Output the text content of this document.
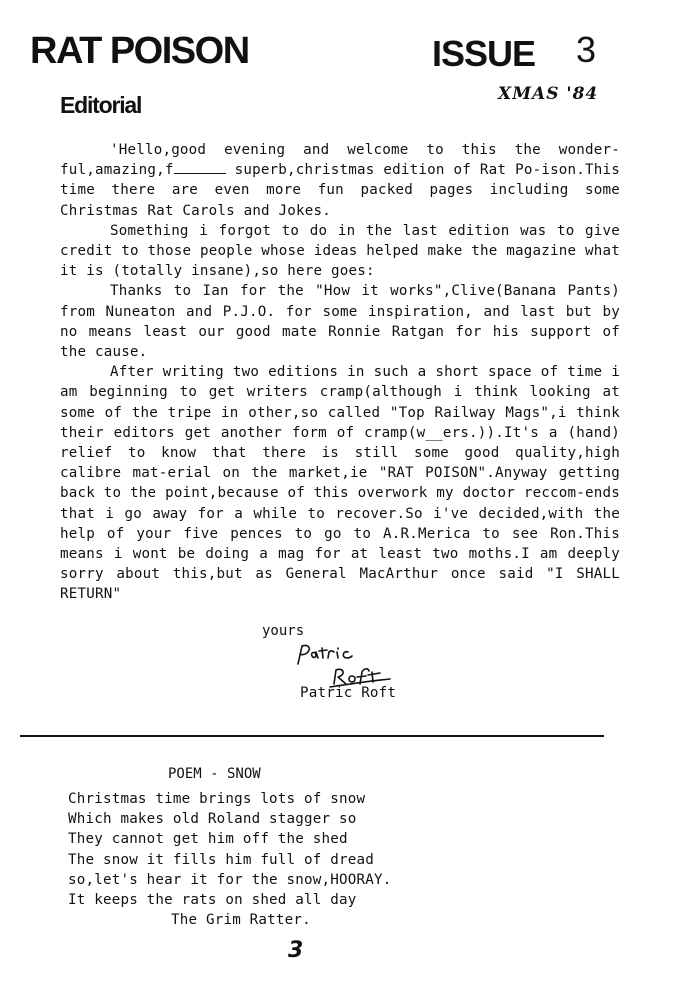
RAT POISON	ISSUE 3
Editorial	XMAS '84

'Hello,good evening and welcome to this the wonder-ful,amazing,f	superb,christmas edition of Rat Po-ison.This time there are even more fun packed pages including some Christmas Rat Carols and Jokes.

Something i forgot to do in the last edition was to give credit to those people whose ideas helped make the magazine what it is (totally insane),so here goes:

Thanks to Ian for the "How it works",Clive(Banana Pants) from Nuneaton and P.J.O. for some inspiration, and last but by no means least our good mate Ronnie Ratgan for his support of the cause.

After writing two editions in such a short space of time i am beginning to get writers cramp(although i think looking at some of the tripe in other,so called "Top Railway Mags",i think their editors get another form of cramp(w__ers.)).It's a (hand) relief to know that there is still some good quality,high calibre mat-erial on the market,ie "RAT POISON".Anyway getting back to the point,because of this overwork my doctor reccom-ends that i go away for a while to recover.So i've decided,with the help of your five pences to go to A.R.Merica to see Ron.This means i wont be doing a mag for at least two moths.I am deeply sorry about this,but as General MacArthur once said "I SHALL RETURN"

yours
Patric Roft
POEM - SNOW
Christmas time brings lots of snow
Which makes old Roland stagger so
They cannot get him off the shed
The snow it fills him full of dread
so,let's hear it for the snow,HOORAY.
It keeps the rats on shed all day
The Grim Ratter.
3
